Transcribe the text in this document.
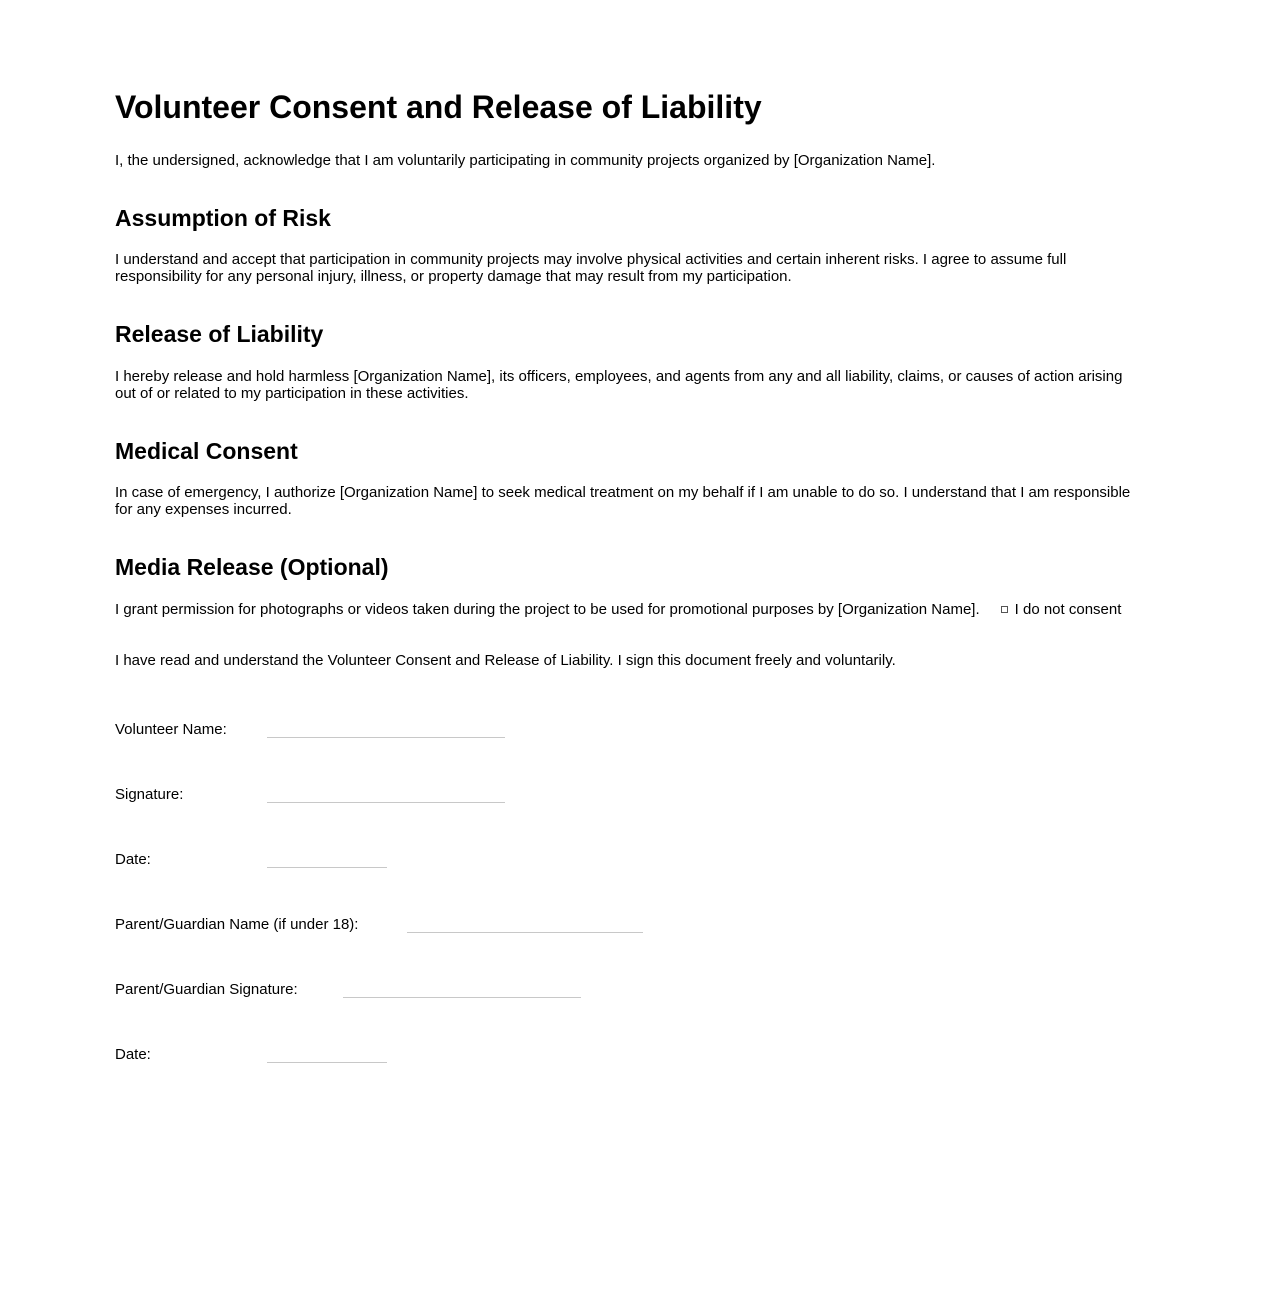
Volunteer Consent and Release of Liability

I, the undersigned, acknowledge that I am voluntarily participating in community projects organized by [Organization Name].

Assumption of Risk

I understand and accept that participation in community projects may involve physical activities and certain inherent risks. I agree to assume full responsibility for any personal injury, illness, or property damage that may result from my participation.

Release of Liability

I hereby release and hold harmless [Organization Name], its officers, employees, and agents from any and all liability, claims, or causes of action arising out of or related to my participation in these activities.

Medical Consent

In case of emergency, I authorize [Organization Name] to seek medical treatment on my behalf if I am unable to do so. I understand that I am responsible for any expenses incurred.

Media Release (Optional)

I grant permission for photographs or videos taken during the project to be used for promotional purposes by [Organization Name]. I do not consent

I have read and understand the Volunteer Consent and Release of Liability. I sign this document freely and voluntarily.

Volunteer Name:
Signature:
Date:
Parent/Guardian Name (if under 18):
Parent/Guardian Signature:
Date:
